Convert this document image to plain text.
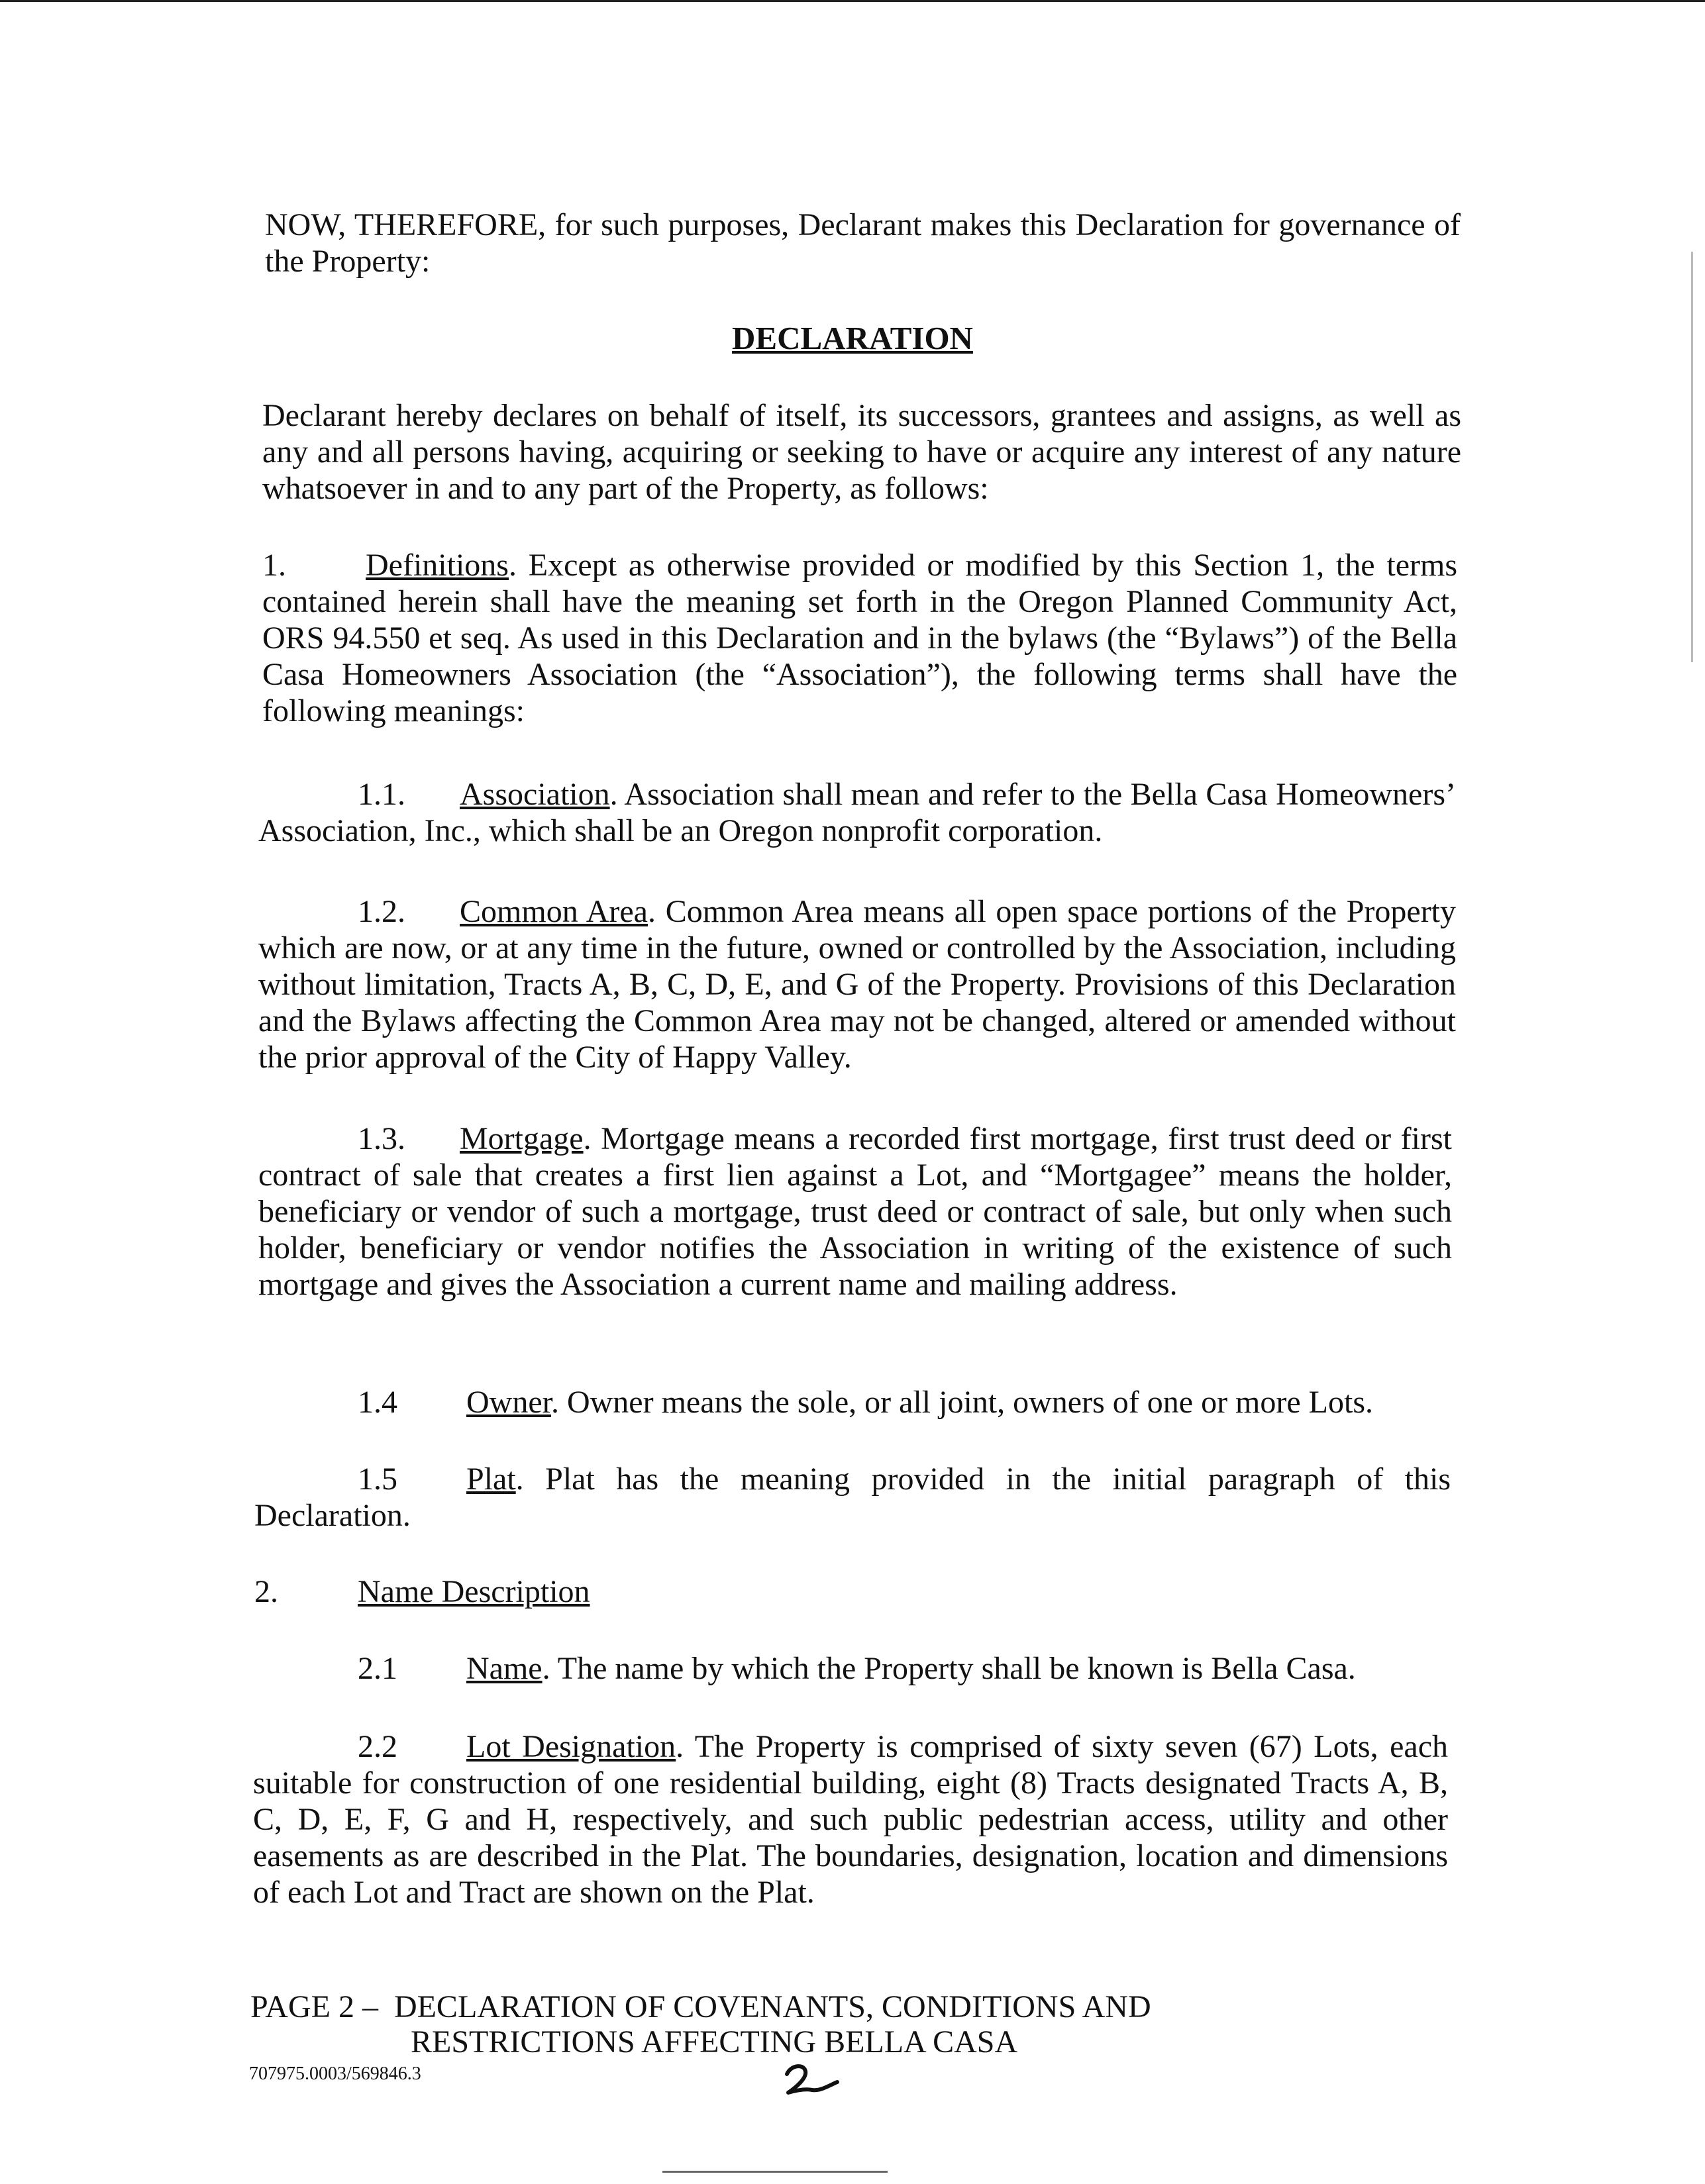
NOW, THEREFORE, for such purposes, Declarant makes this Declaration for governance of the Property:
DECLARATION
Declarant hereby declares on behalf of itself, its successors, grantees and assigns, as well as any and all persons having, acquiring or seeking to have or acquire any interest of any nature whatsoever in and to any part of the Property, as follows:
1.	Definitions. Except as otherwise provided or modified by this Section 1, the terms contained herein shall have the meaning set forth in the Oregon Planned Community Act, ORS 94.550 et seq. As used in this Declaration and in the bylaws (the “Bylaws”) of the Bella Casa Homeowners Association (the “Association”), the following terms shall have the following meanings:
1.1. Association. Association shall mean and refer to the Bella Casa Homeowners’ Association, Inc., which shall be an Oregon nonprofit corporation.
1.2. Common Area. Common Area means all open space portions of the Property which are now, or at any time in the future, owned or controlled by the Association, including without limitation, Tracts A, B, C, D, E, and G of the Property. Provisions of this Declaration and the Bylaws affecting the Common Area may not be changed, altered or amended without the prior approval of the City of Happy Valley.
1.3. Mortgage. Mortgage means a recorded first mortgage, first trust deed or first contract of sale that creates a first lien against a Lot, and “Mortgagee” means the holder, beneficiary or vendor of such a mortgage, trust deed or contract of sale, but only when such holder, beneficiary or vendor notifies the Association in writing of the existence of such mortgage and gives the Association a current name and mailing address.
1.4 Owner. Owner means the sole, or all joint, owners of one or more Lots.
1.5 Plat. Plat has the meaning provided in the initial paragraph of this Declaration.
2.	Name Description
2.1 Name. The name by which the Property shall be known is Bella Casa.
2.2 Lot Designation. The Property is comprised of sixty seven (67) Lots, each suitable for construction of one residential building, eight (8) Tracts designated Tracts A, B, C, D, E, F, G and H, respectively, and such public pedestrian access, utility and other easements as are described in the Plat. The boundaries, designation, location and dimensions of each Lot and Tract are shown on the Plat.
PAGE 2 – DECLARATION OF COVENANTS, CONDITIONS AND
RESTRICTIONS AFFECTING BELLA CASA
707975.0003/569846.3
